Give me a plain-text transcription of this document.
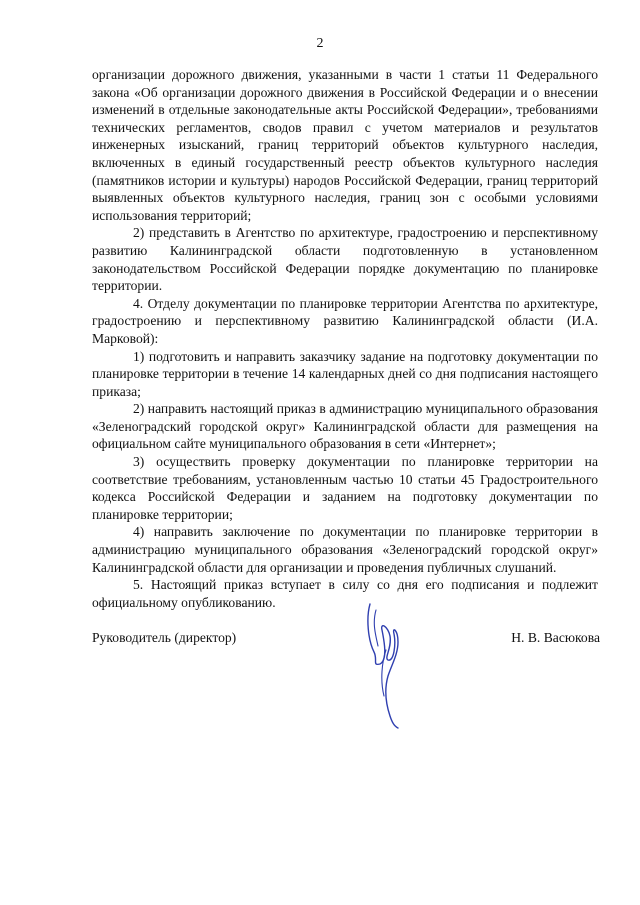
2

организации дорожного движения, указанными в части 1 статьи 11 Федерального закона «Об организации дорожного движения в Российской Федерации и о внесении изменений в отдельные законодательные акты Российской Федерации», требованиями технических регламентов, сводов правил с учетом материалов и результатов инженерных изысканий, границ территорий объектов культурного наследия, включенных в единый государственный реестр объектов культурного наследия (памятников истории и культуры) народов Российской Федерации, границ территорий выявленных объектов культурного наследия, границ зон с особыми условиями использования территорий;

2) представить в Агентство по архитектуре, градостроению и перспективному развитию Калининградской области подготовленную в установленном законодательством Российской Федерации порядке документацию по планировке территории.

4. Отделу документации по планировке территории Агентства по архитектуре, градостроению и перспективному развитию Калининградской области (И.А. Марковой):

1) подготовить и направить заказчику задание на подготовку документации по планировке территории в течение 14 календарных дней со дня подписания настоящего приказа;

2) направить настоящий приказ в администрацию муниципального образования «Зеленоградский городской округ» Калининградской области для размещения на официальном сайте муниципального образования в сети «Интернет»;

3) осуществить проверку документации по планировке территории на соответствие требованиям, установленным частью 10 статьи 45 Градостроительного кодекса Российской Федерации и заданием на подготовку документации по планировке территории;

4) направить заключение по документации по планировке территории в администрацию муниципального образования «Зеленоградский городской округ» Калининградской области для организации и проведения публичных слушаний.

5. Настоящий приказ вступает в силу со дня его подписания и подлежит официальному опубликованию.

Руководитель (директор)	Н. В. Васюкова
